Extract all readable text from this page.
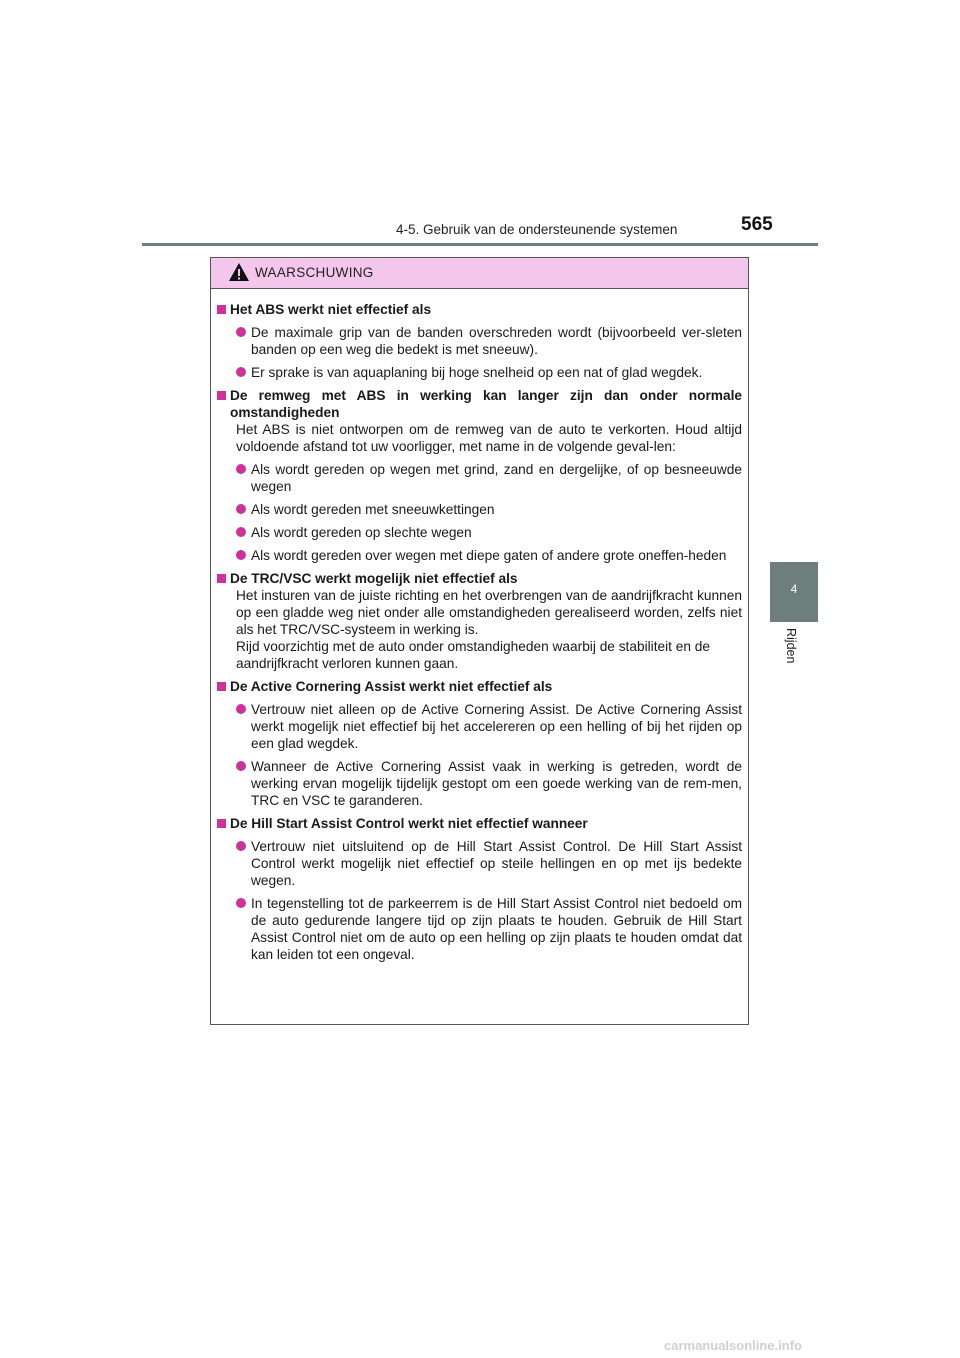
4-5. Gebruik van de ondersteunende systemen	565
4
Rijden
WAARSCHUWING
Het ABS werkt niet effectief als
De maximale grip van de banden overschreden wordt (bijvoorbeeld ver-sleten banden op een weg die bedekt is met sneeuw).
Er sprake is van aquaplaning bij hoge snelheid op een nat of glad wegdek.
De remweg met ABS in werking kan langer zijn dan onder normale omstandigheden

Het ABS is niet ontworpen om de remweg van de auto te verkorten. Houd altijd voldoende afstand tot uw voorligger, met name in de volgende geval-len:

Als wordt gereden op wegen met grind, zand en dergelijke, of op besneeuwde wegen
Als wordt gereden met sneeuwkettingen
Als wordt gereden op slechte wegen
Als wordt gereden over wegen met diepe gaten of andere grote oneffen-heden
De TRC/VSC werkt mogelijk niet effectief als

Het insturen van de juiste richting en het overbrengen van de aandrijfkracht kunnen op een gladde weg niet onder alle omstandigheden gerealiseerd worden, zelfs niet als het TRC/VSC-systeem in werking is.

Rijd voorzichtig met de auto onder omstandigheden waarbij de stabiliteit en de aandrijfkracht verloren kunnen gaan.

De Active Cornering Assist werkt niet effectief als
Vertrouw niet alleen op de Active Cornering Assist. De Active Cornering Assist werkt mogelijk niet effectief bij het accelereren op een helling of bij het rijden op een glad wegdek.
Wanneer de Active Cornering Assist vaak in werking is getreden, wordt de werking ervan mogelijk tijdelijk gestopt om een goede werking van de rem-men, TRC en VSC te garanderen.
De Hill Start Assist Control werkt niet effectief wanneer
Vertrouw niet uitsluitend op de Hill Start Assist Control. De Hill Start Assist Control werkt mogelijk niet effectief op steile hellingen en op met ijs bedekte wegen.
In tegenstelling tot de parkeerrem is de Hill Start Assist Control niet bedoeld om de auto gedurende langere tijd op zijn plaats te houden. Gebruik de Hill Start Assist Control niet om de auto op een helling op zijn plaats te houden omdat dat kan leiden tot een ongeval.
carmanualsonline.info
